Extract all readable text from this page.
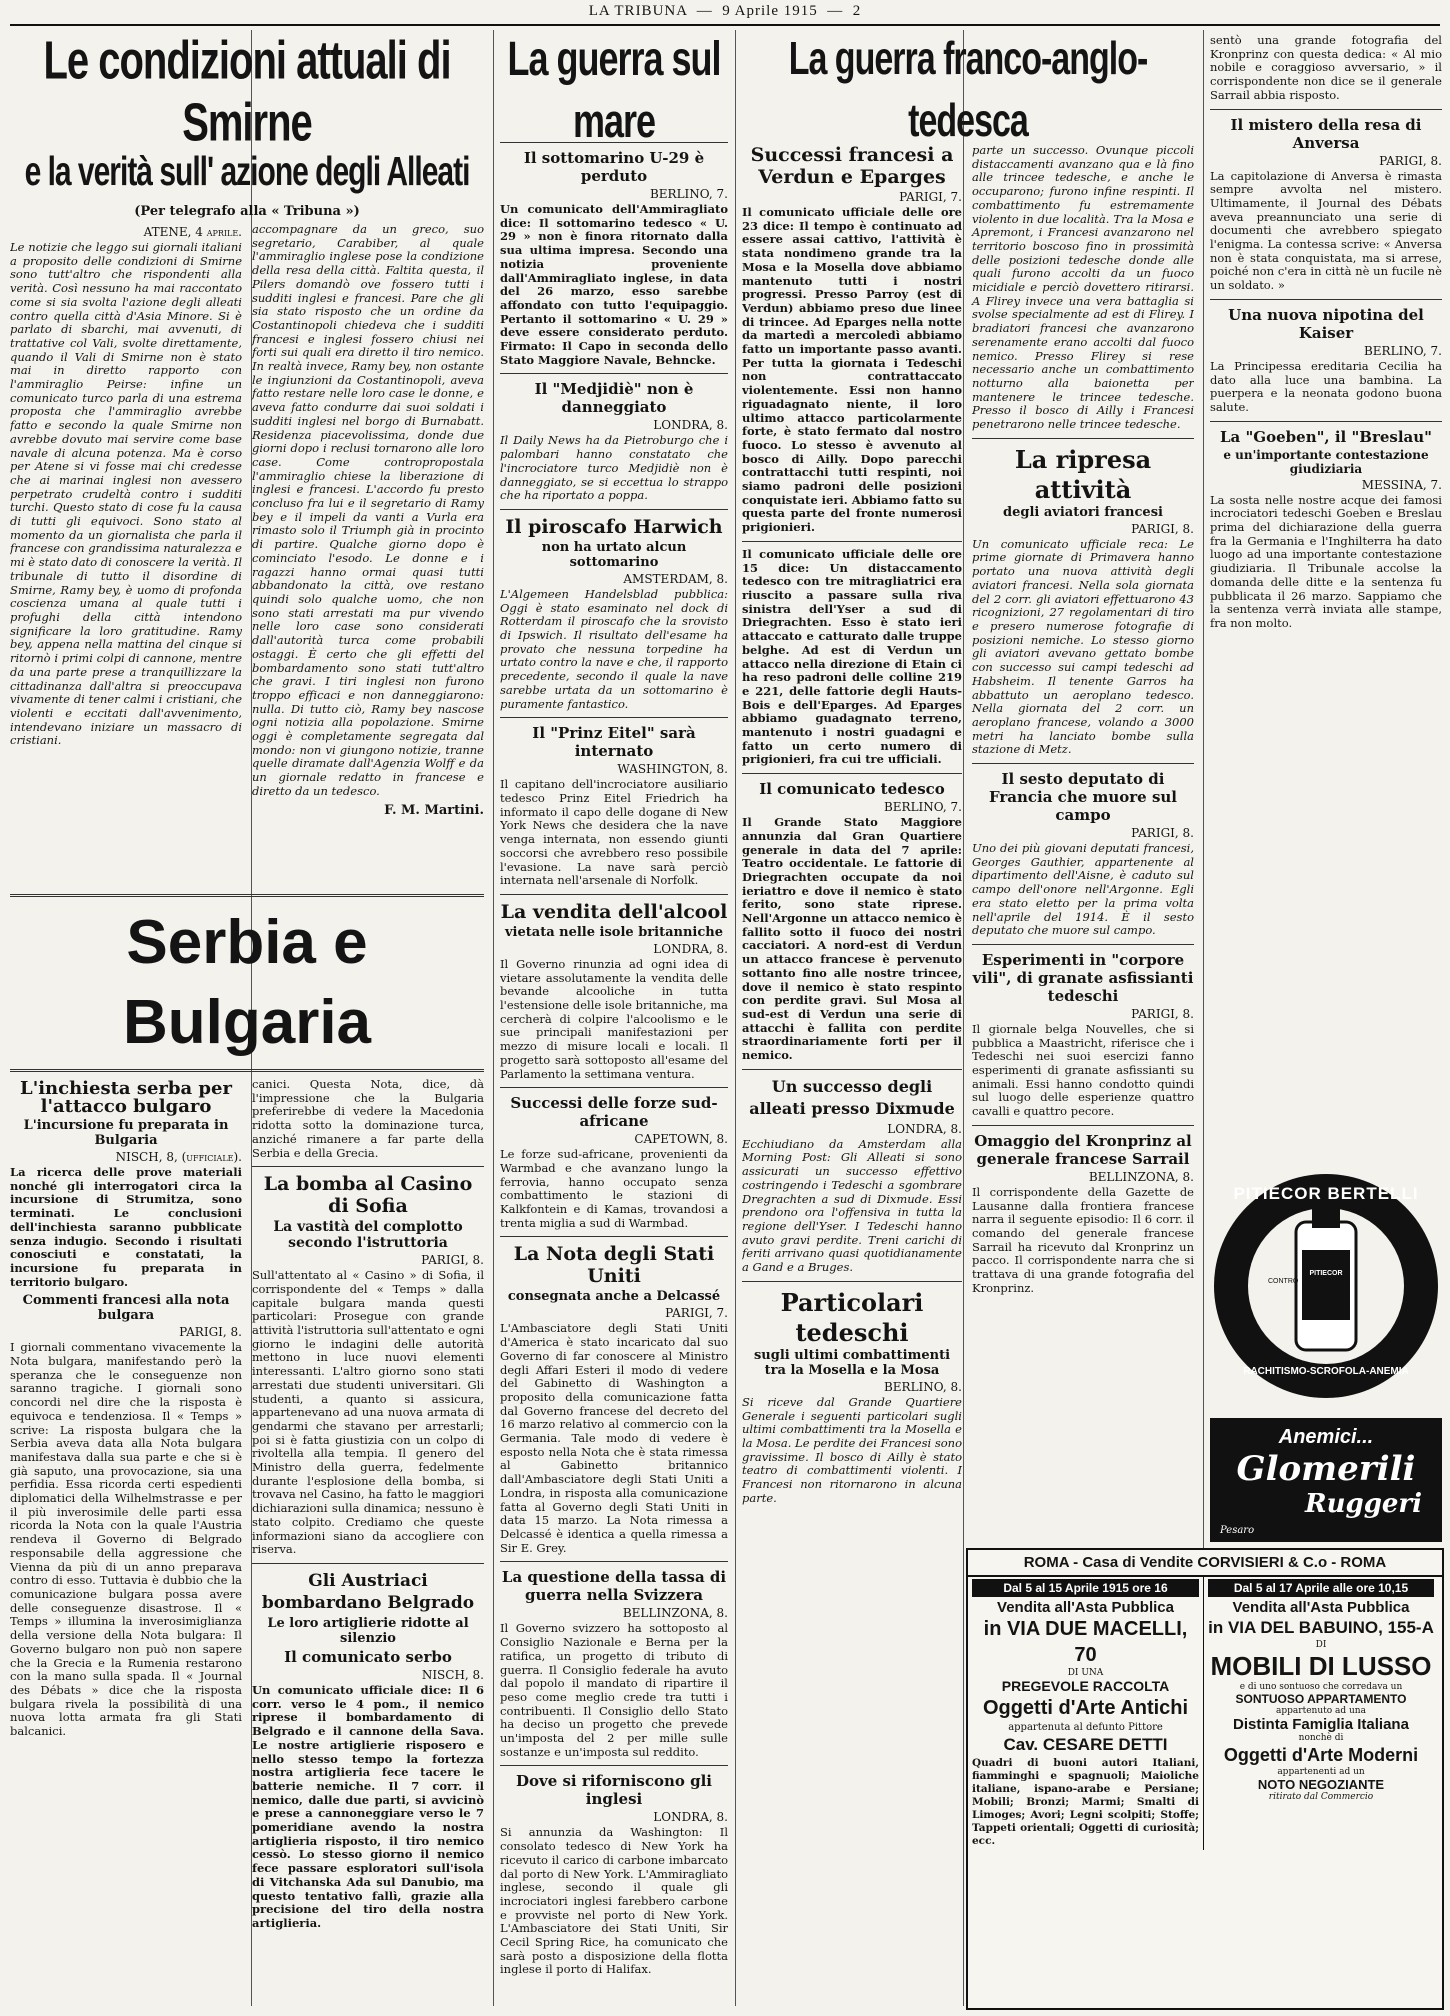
LA TRIBUNA  —  9 Aprile 1915  —  2
Le condizioni attuali di Smirne
e la verità sull' azione degli Alleati
(Per telegrafo alla « Tribuna »)
ATENE, 4 aprile.

Le notizie che leggo sui giornali italiani a proposito delle condizioni di Smirne sono tutt'altro che rispondenti alla verità. Così nessuno ha mai raccontato come si sia svolta l'azione degli alleati contro quella città d'Asia Minore. Si è parlato di sbarchi, mai avvenuti, di trattative col Vali, svolte direttamente, quando il Vali di Smirne non è stato mai in diretto rapporto con l'ammiraglio Peirse: infine un comunicato turco parla di una estrema proposta che l'ammiraglio avrebbe fatto e secondo la quale Smirne non avrebbe dovuto mai servire come base navale di alcuna potenza. Ma è corso per Atene si vi fosse mai chi credesse che ai marinai inglesi non avessero perpetrato crudeltà contro i sudditi turchi. Questo stato di cose fu la causa di tutti gli equivoci. Sono stato al momento da un giornalista che parla il francese con grandissima naturalezza e mi è stato dato di conoscere la verità. Il tribunale di tutto il disordine di Smirne, Ramy bey, è uomo di profonda coscienza umana al quale tutti i profughi della città intendono significare la loro gratitudine. Ramy bey, appena nella mattina del cinque si ritornò i primi colpi di cannone, mentre da una parte prese a tranquillizzare la cittadinanza dall'altra si preoccupava vivamente di tener calmi i cristiani, che violenti e eccitati dall'avvenimento, intendevano iniziare un massacro di cristiani.

accompagnare da un greco, suo segretario, Carabiber, al quale l'ammiraglio inglese pose la condizione della resa della città. Faltita questa, il Pilers domandò ove fossero tutti i sudditi inglesi e francesi. Pare che gli sia stato risposto che un ordine da Costantinopoli chiedeva che i sudditi francesi e inglesi fossero chiusi nei forti sui quali era diretto il tiro nemico. In realtà invece, Ramy bey, non ostante le ingiunzioni da Costantinopoli, aveva fatto restare nelle loro case le donne, e aveva fatto condurre dai suoi soldati i sudditi inglesi nel borgo di Burnabatt. Residenza piacevolissima, donde due giorni dopo i reclusi tornarono alle loro case. Come contropropostala l'ammiraglio chiese la liberazione di inglesi e francesi. L'accordo fu presto concluso fra lui e il segretario di Ramy bey e il impeli da vanti a Vurla era rimasto solo il Triumph già in procinto di partire. Qualche giorno dopo è cominciato l'esodo. Le donne e i ragazzi hanno ormai quasi tutti abbandonato la città, ove restano quindi solo qualche uomo, che non sono stati arrestati ma pur vivendo nelle loro case sono considerati dall'autorità turca come probabili ostaggi. È certo che gli effetti del bombardamento sono stati tutt'altro che gravi. I tiri inglesi non furono troppo efficaci e non danneggiarono: nulla. Di tutto ciò, Ramy bey nascose ogni notizia alla popolazione. Smirne oggi è completamente segregata dal mondo: non vi giungono notizie, tranne quelle diramate dall'Agenzia Wolff e da un giornale redatto in francese e diretto da un tedesco.

F. M. Martini.
Serbia e Bulgaria
L'inchiesta serba per l'attacco bulgaro
L'incursione fu preparata in Bulgaria
NISCH, 8, (ufficiale).

La ricerca delle prove materiali nonché gli interrogatori circa la incursione di Strumitza, sono terminati. Le conclusioni dell'inchiesta saranno pubblicate senza indugio. Secondo i risultati conosciuti e constatati, la incursione fu preparata in territorio bulgaro.

Commenti francesi alla nota bulgara
PARIGI, 8.

I giornali commentano vivacemente la Nota bulgara, manifestando però la speranza che le conseguenze non saranno tragiche. I giornali sono concordi nel dire che la risposta è equivoca e tendenziosa. Il « Temps » scrive: La risposta bulgara che la Serbia aveva data alla Nota bulgara manifestava dalla sua parte e che si è già saputo, una provocazione, sia una perfidia. Essa ricorda certi espedienti diplomatici della Wilhelmstrasse e per il più inverosimile delle parti essa ricorda la Nota con la quale l'Austria rendeva il Governo di Belgrado responsabile della aggressione che Vienna da più di un anno preparava contro di esso. Tuttavia è dubbio che la comunicazione bulgara possa avere delle conseguenze disastrose. Il « Temps » illumina la inverosimiglianza della versione della Nota bulgara: Il Governo bulgaro non può non sapere che la Grecia e la Rumenia restarono con la mano sulla spada. Il « Journal des Débats » dice che la risposta bulgara rivela la possibilità di una nuova lotta armata fra gli Stati balcanici.

canici. Questa Nota, dice, dà l'impressione che la Bulgaria preferirebbe di vedere la Macedonia ridotta sotto la dominazione turca, anziché rimanere a far parte della Serbia e della Grecia.

La bomba al Casino di Sofia
La vastità del complotto secondo l'istruttoria
PARIGI, 8.

Sull'attentato al « Casino » di Sofia, il corrispondente del « Temps » dalla capitale bulgara manda questi particolari: Prosegue con grande attività l'istruttoria sull'attentato e ogni giorno le indagini delle autorità mettono in luce nuovi elementi interessanti. L'altro giorno sono stati arrestati due studenti universitari. Gli studenti, a quanto si assicura, appartenevano ad una nuova armata di gendarmi che stavano per arrestarli; poi si è fatta giustizia con un colpo di rivoltella alla tempia. Il genero del Ministro della guerra, fedelmente durante l'esplosione della bomba, si trovava nel Casino, ha fatto le maggiori dichiarazioni sulla dinamica; nessuno è stato colpito. Crediamo che queste informazioni siano da accogliere con riserva.

Gli Austriaci bombardano Belgrado
Le loro artiglierie ridotte al silenzio
Il comunicato serbo
NISCH, 8.

Un comunicato ufficiale dice: Il 6 corr. verso le 4 pom., il nemico riprese il bombardamento di Belgrado e il cannone della Sava. Le nostre artiglierie risposero e nello stesso tempo la fortezza nostra artiglieria fece tacere le batterie nemiche. Il 7 corr. il nemico, dalle due parti, si avvicinò e prese a cannoneggiare verso le 7 pomeridiane avendo la nostra artiglieria risposto, il tiro nemico cessò. Lo stesso giorno il nemico fece passare esploratori sull'isola di Vitchanska Ada sul Danubio, ma questo tentativo fallì, grazie alla precisione del tiro della nostra artiglieria.

La guerra sul mare
Il sottomarino U-29 è perduto
BERLINO, 7.

Un comunicato dell'Ammiragliato dice: Il sottomarino tedesco « U. 29 » non è finora ritornato dalla sua ultima impresa. Secondo una notizia proveniente dall'Ammiragliato inglese, in data del 26 marzo, esso sarebbe affondato con tutto l'equipaggio. Pertanto il sottomarino « U. 29 » deve essere considerato perduto. Firmato: Il Capo in seconda dello Stato Maggiore Navale, Behncke.

Il "Medjidiè" non è danneggiato
LONDRA, 8.

Il Daily News ha da Pietroburgo che i palombari hanno constatato che l'incrociatore turco Medjidiè non è danneggiato, se si eccettua lo strappo che ha riportato a poppa.

Il piroscafo Harwich
non ha urtato alcun sottomarino
AMSTERDAM, 8.

L'Algemeen Handelsblad pubblica: Oggi è stato esaminato nel dock di Rotterdam il piroscafo che la srovisto di Ipswich. Il risultato dell'esame ha provato che nessuna torpedine ha urtato contro la nave e che, il rapporto precedente, secondo il quale la nave sarebbe urtata da un sottomarino è puramente fantastico.

Il "Prinz Eitel" sarà internato
WASHINGTON, 8.

Il capitano dell'incrociatore ausiliario tedesco Prinz Eitel Friedrich ha informato il capo delle dogane di New York News che desidera che la nave venga internata, non essendo giunti soccorsi che avrebbero reso possibile l'evasione. La nave sarà perciò internata nell'arsenale di Norfolk.

La vendita dell'alcool
vietata nelle isole britanniche
LONDRA, 8.

Il Governo rinunzia ad ogni idea di vietare assolutamente la vendita delle bevande alcooliche in tutta l'estensione delle isole britanniche, ma cercherà di colpire l'alcoolismo e le sue principali manifestazioni per mezzo di misure locali e locali. Il progetto sarà sottoposto all'esame del Parlamento la settimana ventura.

Successi delle forze sud-africane
CAPETOWN, 8.

Le forze sud-africane, provenienti da Warmbad e che avanzano lungo la ferrovia, hanno occupato senza combattimento le stazioni di Kalkfontein e di Kamas, trovandosi a trenta miglia a sud di Warmbad.

La Nota degli Stati Uniti
consegnata anche a Delcassé
PARIGI, 7.

L'Ambasciatore degli Stati Uniti d'America è stato incaricato dal suo Governo di far conoscere al Ministro degli Affari Esteri il modo di vedere del Gabinetto di Washington a proposito della comunicazione fatta dal Governo francese del decreto del 16 marzo relativo al commercio con la Germania. Tale modo di vedere è esposto nella Nota che è stata rimessa al Gabinetto britannico dall'Ambasciatore degli Stati Uniti a Londra, in risposta alla comunicazione fatta al Governo degli Stati Uniti in data 15 marzo. La Nota rimessa a Delcassé è identica a quella rimessa a Sir E. Grey.

La questione della tassa di guerra nella Svizzera
BELLINZONA, 8.

Il Governo svizzero ha sottoposto al Consiglio Nazionale e Berna per la ratifica, un progetto di tributo di guerra. Il Consiglio federale ha avuto dal popolo il mandato di ripartire il peso come meglio crede tra tutti i contribuenti. Il Consiglio dello Stato ha deciso un progetto che prevede un'imposta del 2 per mille sulle sostanze e un'imposta sul reddito.

Dove si riforniscono gli inglesi
LONDRA, 8.

Si annunzia da Washington: Il consolato tedesco di New York ha ricevuto il carico di carbone imbarcato dal porto di New York. L'Ammiragliato inglese, secondo il quale gli incrociatori inglesi farebbero carbone e provviste nel porto di New York. L'Ambasciatore dei Stati Uniti, Sir Cecil Spring Rice, ha comunicato che sarà posto a disposizione della flotta inglese il porto di Halifax.

La guerra franco-anglo-tedesca
Successi francesi a Verdun e Eparges
PARIGI, 7.

Il comunicato ufficiale delle ore 23 dice: Il tempo è continuato ad essere assai cattivo, l'attività è stata nondimeno grande tra la Mosa e la Mosella dove abbiamo mantenuto tutti i nostri progressi. Presso Parroy (est di Verdun) abbiamo preso due linee di trincee. Ad Eparges nella notte da martedì a mercoledì abbiamo fatto un importante passo avanti. Per tutta la giornata i Tedeschi non contrattaccato violentemente. Essi non hanno riguadagnato niente, il loro ultimo attacco particolarmente forte, è stato fermato dal nostro fuoco. Lo stesso è avvenuto al bosco di Ailly. Dopo parecchi contrattacchi tutti respinti, noi siamo padroni delle posizioni conquistate ieri. Abbiamo fatto su questa parte del fronte numerosi prigionieri.

Il comunicato ufficiale delle ore 15 dice: Un distaccamento tedesco con tre mitragliatrici era riuscito a passare sulla riva sinistra dell'Yser a sud di Driegrachten. Esso è stato ieri attaccato e catturato dalle truppe belghe. Ad est di Verdun un attacco nella direzione di Etain ci ha reso padroni delle colline 219 e 221, delle fattorie degli Hauts-Bois e dell'Eparges. Ad Eparges abbiamo guadagnato terreno, mantenuto i nostri guadagni e fatto un certo numero di prigionieri, fra cui tre ufficiali.

Il comunicato tedesco
BERLINO, 7.

Il Grande Stato Maggiore annunzia dal Gran Quartiere generale in data del 7 aprile: Teatro occidentale. Le fattorie di Driegrachten occupate da noi ieriattro e dove il nemico è stato ferito, sono state riprese. Nell'Argonne un attacco nemico è fallito sotto il fuoco dei nostri cacciatori. A nord-est di Verdun un attacco francese è pervenuto sottanto fino alle nostre trincee, dove il nemico è stato respinto con perdite gravi. Sul Mosa al sud-est di Verdun una serie di attacchi è fallita con perdite straordinariamente forti per il nemico.

Un successo degli alleati presso Dixmude
LONDRA, 8.

Ecchiudiano da Amsterdam alla Morning Post: Gli Alleati si sono assicurati un successo effettivo costringendo i Tedeschi a sgombrare Dregrachten a sud di Dixmude. Essi prendono ora l'offensiva in tutta la regione dell'Yser. I Tedeschi hanno avuto gravi perdite. Treni carichi di feriti arrivano quasi quotidianamente a Gand e a Bruges.

Particolari tedeschi
sugli ultimi combattimenti tra la Mosella e la Mosa
BERLINO, 8.

Si riceve dal Grande Quartiere Generale i seguenti particolari sugli ultimi combattimenti tra la Mosella e la Mosa. Le perdite dei Francesi sono gravissime. Il bosco di Ailly è stato teatro di combattimenti violenti. I Francesi non ritornarono in alcuna parte.

parte un successo. Ovunque piccoli distaccamenti avanzano qua e là fino alle trincee tedesche, e anche le occuparono; furono infine respinti. Il combattimento fu estremamente violento in due località. Tra la Mosa e Apremont, i Francesi avanzarono nel territorio boscoso fino in prossimità delle posizioni tedesche donde alle quali furono accolti da un fuoco micidiale e perciò dovettero ritirarsi. A Flirey invece una vera battaglia si svolse specialmente ad est di Flirey. I bradiatori francesi che avanzarono serenamente erano accolti dal fuoco nemico. Presso Flirey si rese necessario anche un combattimento notturno alla baionetta per mantenere le trincee tedesche. Presso il bosco di Ailly i Francesi penetrarono nelle trincee tedesche.

La ripresa attività
degli aviatori francesi
PARIGI, 8.

Un comunicato ufficiale reca: Le prime giornate di Primavera hanno portato una nuova attività degli aviatori francesi. Nella sola giornata del 2 corr. gli aviatori effettuarono 43 ricognizioni, 27 regolamentari di tiro e presero numerose fotografie di posizioni nemiche. Lo stesso giorno gli aviatori avevano gettato bombe con successo sui campi tedeschi ad Habsheim. Il tenente Garros ha abbattuto un aeroplano tedesco. Nella giornata del 2 corr. un aeroplano francese, volando a 3000 metri ha lanciato bombe sulla stazione di Metz.

Il sesto deputato di Francia che muore sul campo
PARIGI, 8.

Uno dei più giovani deputati francesi, Georges Gauthier, appartenente al dipartimento dell'Aisne, è caduto sul campo dell'onore nell'Argonne. Egli era stato eletto per la prima volta nell'aprile del 1914. È il sesto deputato che muore sul campo.

Esperimenti in "corpore vili", di granate asfissianti tedeschi
PARIGI, 8.

Il giornale belga Nouvelles, che si pubblica a Maastricht, riferisce che i Tedeschi nei suoi esercizi fanno esperimenti di granate asfissianti su animali. Essi hanno condotto quindi sul luogo delle esperienze quattro cavalli e quattro pecore.

Omaggio del Kronprinz al generale francese Sarrail
BELLINZONA, 8.

Il corrispondente della Gazette de Lausanne dalla frontiera francese narra il seguente episodio: Il 6 corr. il comando del generale francese Sarrail ha ricevuto dal Kronprinz un pacco. Il corrispondente narra che si trattava di una grande fotografia del Kronprinz.

sentò una grande fotografia del Kronprinz con questa dedica: « Al mio nobile e coraggioso avversario, » il corrispondente non dice se il generale Sarrail abbia risposto.

Il mistero della resa di Anversa
PARIGI, 8.

La capitolazione di Anversa è rimasta sempre avvolta nel mistero. Ultimamente, il Journal des Débats aveva preannunciato una serie di documenti che avrebbero spiegato l'enigma. La contessa scrive: « Anversa non è stata conquistata, ma si arrese, poiché non c'era in città nè un fucile nè un soldato. »

Una nuova nipotina del Kaiser
BERLINO, 7.

La Principessa ereditaria Cecilia ha dato alla luce una bambina. La puerpera e la neonata godono buona salute.

La "Goeben", il "Breslau"
e un'importante contestazione giudiziaria
MESSINA, 7.

La sosta nelle nostre acque dei famosi incrociatori tedeschi Goeben e Breslau prima del dichiarazione della guerra fra la Germania e l'Inghilterra ha dato luogo ad una importante contestazione giudiziaria. Il Tribunale accolse la domanda delle ditte e la sentenza fu pubblicata il 26 marzo. Sappiamo che la sentenza verrà inviata alle stampe, fra non molto.

PITIECOR BERTELLI
RACHITISMO-SCROFOLA-ANEMIA
PITIECOR
CONTRO
Anemici...
Glomerili
Ruggeri
Pesaro
ROMA - Casa di Vendite CORVISIERI & C.o - ROMA
Dal 5 al 15 Aprile 1915 ore 16
Vendita all'Asta Pubblica
in VIA DUE MACELLI, 70
DI UNA
PREGEVOLE RACCOLTA
Oggetti d'Arte Antichi
appartenuta al defunto Pittore
Cav. CESARE DETTI
Quadri di buoni autori Italiani, fiamminghi e spagnuoli; Maioliche italiane, ispano-arabe e Persiane; Mobili; Bronzi; Marmi; Smalti di Limoges; Avori; Legni scolpiti; Stoffe; Tappeti orientali; Oggetti di curiosità; ecc.
Dal 5 al 17 Aprile alle ore 10,15
Vendita all'Asta Pubblica
in VIA DEL BABUINO, 155-A
DI
MOBILI DI LUSSO
e di uno sontuoso che corredava un
SONTUOSO APPARTAMENTO
appartenuto ad una
Distinta Famiglia Italiana
nonchè di
Oggetti d'Arte Moderni
appartenenti ad un
NOTO NEGOZIANTE
ritirato dal Commercio
